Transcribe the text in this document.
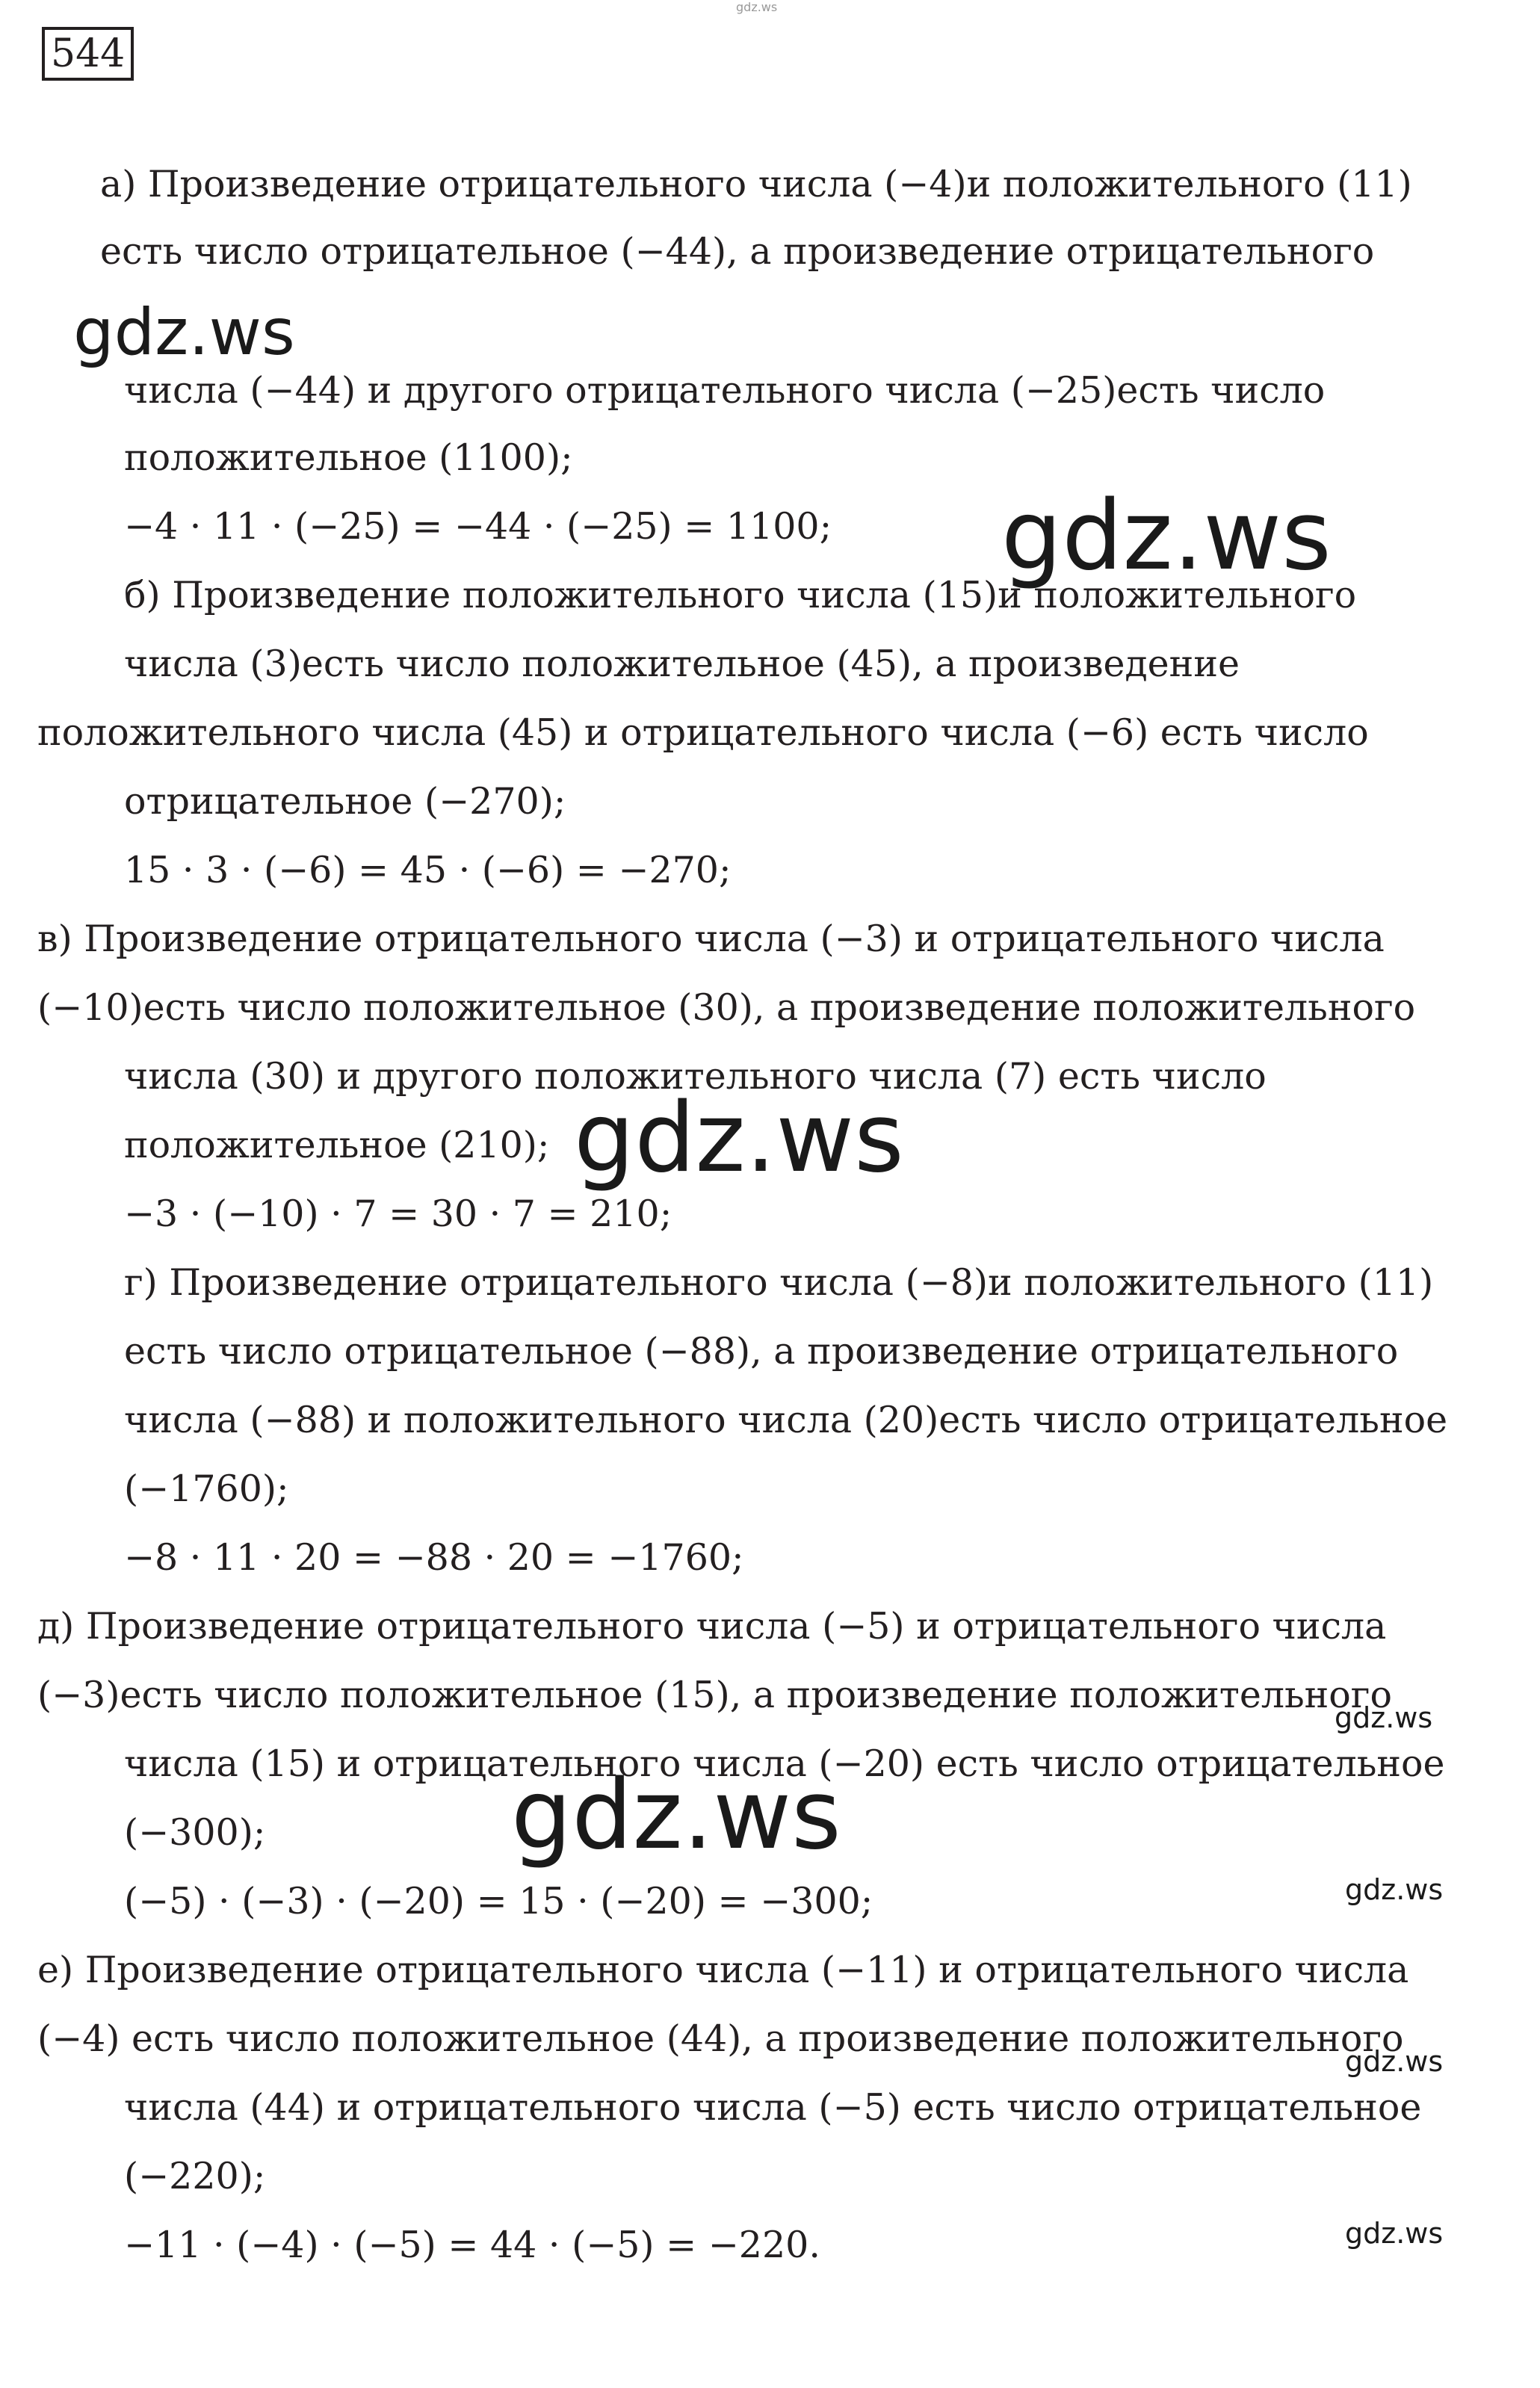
gdz.ws
544
gdz.ws
gdz.ws
gdz.ws
gdz.ws
gdz.ws
gdz.ws
gdz.ws
gdz.ws
а) Произведение отрицательного числа (−4)и положительного (11)
есть число отрицательное (−44), а произведение отрицательного
числа (−44) и другого отрицательного числа (−25)есть число
положительное (1100);
−4 · 11 · (−25) = −44 · (−25) = 1100;
б) Произведение положительного числа (15)и положительного
числа (3)есть число положительное (45), а произведение
положительного числа (45) и отрицательного числа (−6) есть число
отрицательное (−270);
15 · 3 · (−6) = 45 · (−6) = −270;
в) Произведение отрицательного числа (−3) и отрицательного числа
(−10)есть число положительное (30), а произведение положительного
числа (30) и другого положительного числа (7) есть число
положительное (210);
−3 · (−10) · 7 = 30 · 7 = 210;
г) Произведение отрицательного числа (−8)и положительного (11)
есть число отрицательное (−88), а произведение отрицательного
числа (−88) и положительного числа (20)есть число отрицательное
(−1760);
−8 · 11 · 20 = −88 · 20 = −1760;
д) Произведение отрицательного числа (−5) и отрицательного числа
(−3)есть число положительное (15), а произведение положительного
числа (15) и отрицательного числа (−20) есть число отрицательное
(−300);
(−5) · (−3) · (−20) = 15 · (−20) = −300;
е) Произведение отрицательного числа (−11) и отрицательного числа
(−4) есть число положительное (44), а произведение положительного
числа (44) и отрицательного числа (−5) есть число отрицательное
(−220);
−11 · (−4) · (−5) = 44 · (−5) = −220.
